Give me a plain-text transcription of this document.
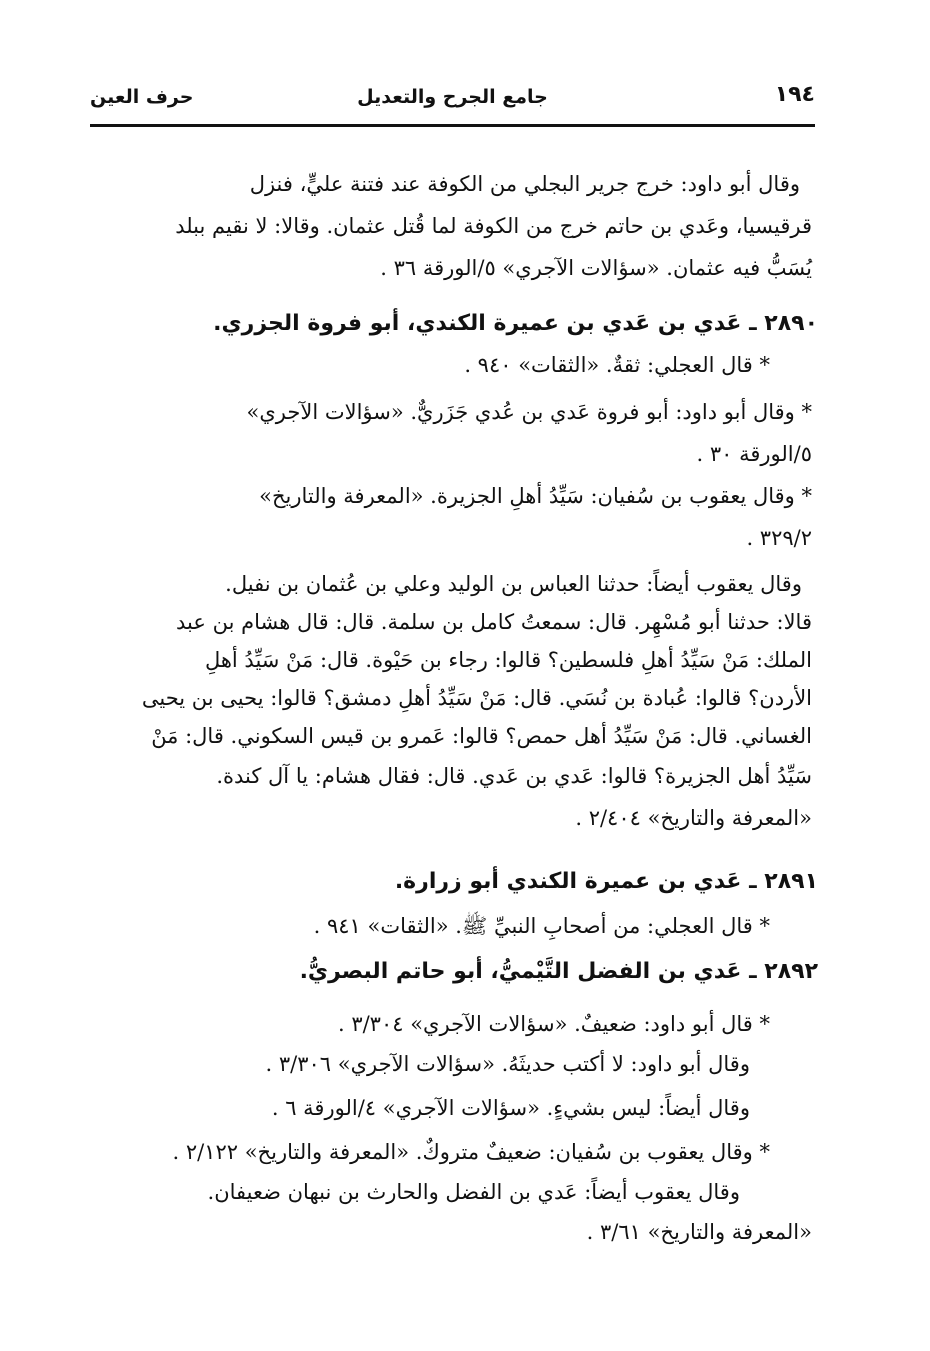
١٩٤
جامع الجرح والتعديل
حرف العين
وقال أبو داود: خرج جرير البجلي من الكوفة عند فتنة عليٍّ، فنزل
قرقيسيا، وعَدي بن حاتم خرج من الكوفة لما قُتل عثمان. وقالا: لا نقيم ببلد
يُسَبُّ فيه عثمان. «سؤالات الآجري» ٥/الورقة ٣٦ .
٢٨٩٠ ـ عَدي بن عَدي بن عميرة الكندي، أبو فروة الجزري.
* قال العجلي: ثقةٌ. «الثقات» ٩٤٠ .
* وقال أبو داود: أبو فروة عَدي بن عُدي جَزَريٌّ. «سؤالات الآجري»
٥/الورقة ٣٠ .
* وقال يعقوب بن سُفيان: سَيِّدُ أهلِ الجزيرة. «المعرفة والتاريخ»
٣٢٩/٢ .
وقال يعقوب أيضاً: حدثنا العباس بن الوليد وعلي بن عُثمان بن نفيل.
قالا: حدثنا أبو مُسْهِر. قال: سمعتُ كامل بن سلمة. قال: قال هشام بن عبد
الملك: مَنْ سَيِّدُ أهلِ فلسطين؟ قالوا: رجاء بن حَيْوة. قال: مَنْ سَيِّدُ أهلِ
الأردن؟ قالوا: عُبادة بن نُسَي. قال: مَنْ سَيِّدُ أهلِ دمشق؟ قالوا: يحيى بن يحيى
الغساني. قال: مَنْ سَيِّدُ أهل حمص؟ قالوا: عَمرو بن قيس السكوني. قال: مَنْ
سَيِّدُ أهل الجزيرة؟ قالوا: عَدي بن عَدي. قال: فقال هشام: يا آل كندة.
«المعرفة والتاريخ» ٢/٤٠٤ .
٢٨٩١ ـ عَدي بن عميرة الكندي أبو زرارة.
* قال العجلي: من أصحابِ النبيِّ ﷺ. «الثقات» ٩٤١ .
٢٨٩٢ ـ عَدي بن الفضل التَّيْميُّ، أبو حاتم البصريُّ.
* قال أبو داود: ضعيفٌ. «سؤالات الآجري» ٣/٣٠٤ .
وقال أبو داود: لا أكتب حديثَهُ. «سؤالات الآجري» ٣/٣٠٦ .
وقال أيضاً: ليس بشيءٍ. «سؤالات الآجري» ٤/الورقة ٦ .
* وقال يعقوب بن سُفيان: ضعيفٌ متروكٌ. «المعرفة والتاريخ» ٢/١٢٢ .
وقال يعقوب أيضاً: عَدي بن الفضل والحارث بن نبهان ضعيفان.
«المعرفة والتاريخ» ٣/٦١ .
